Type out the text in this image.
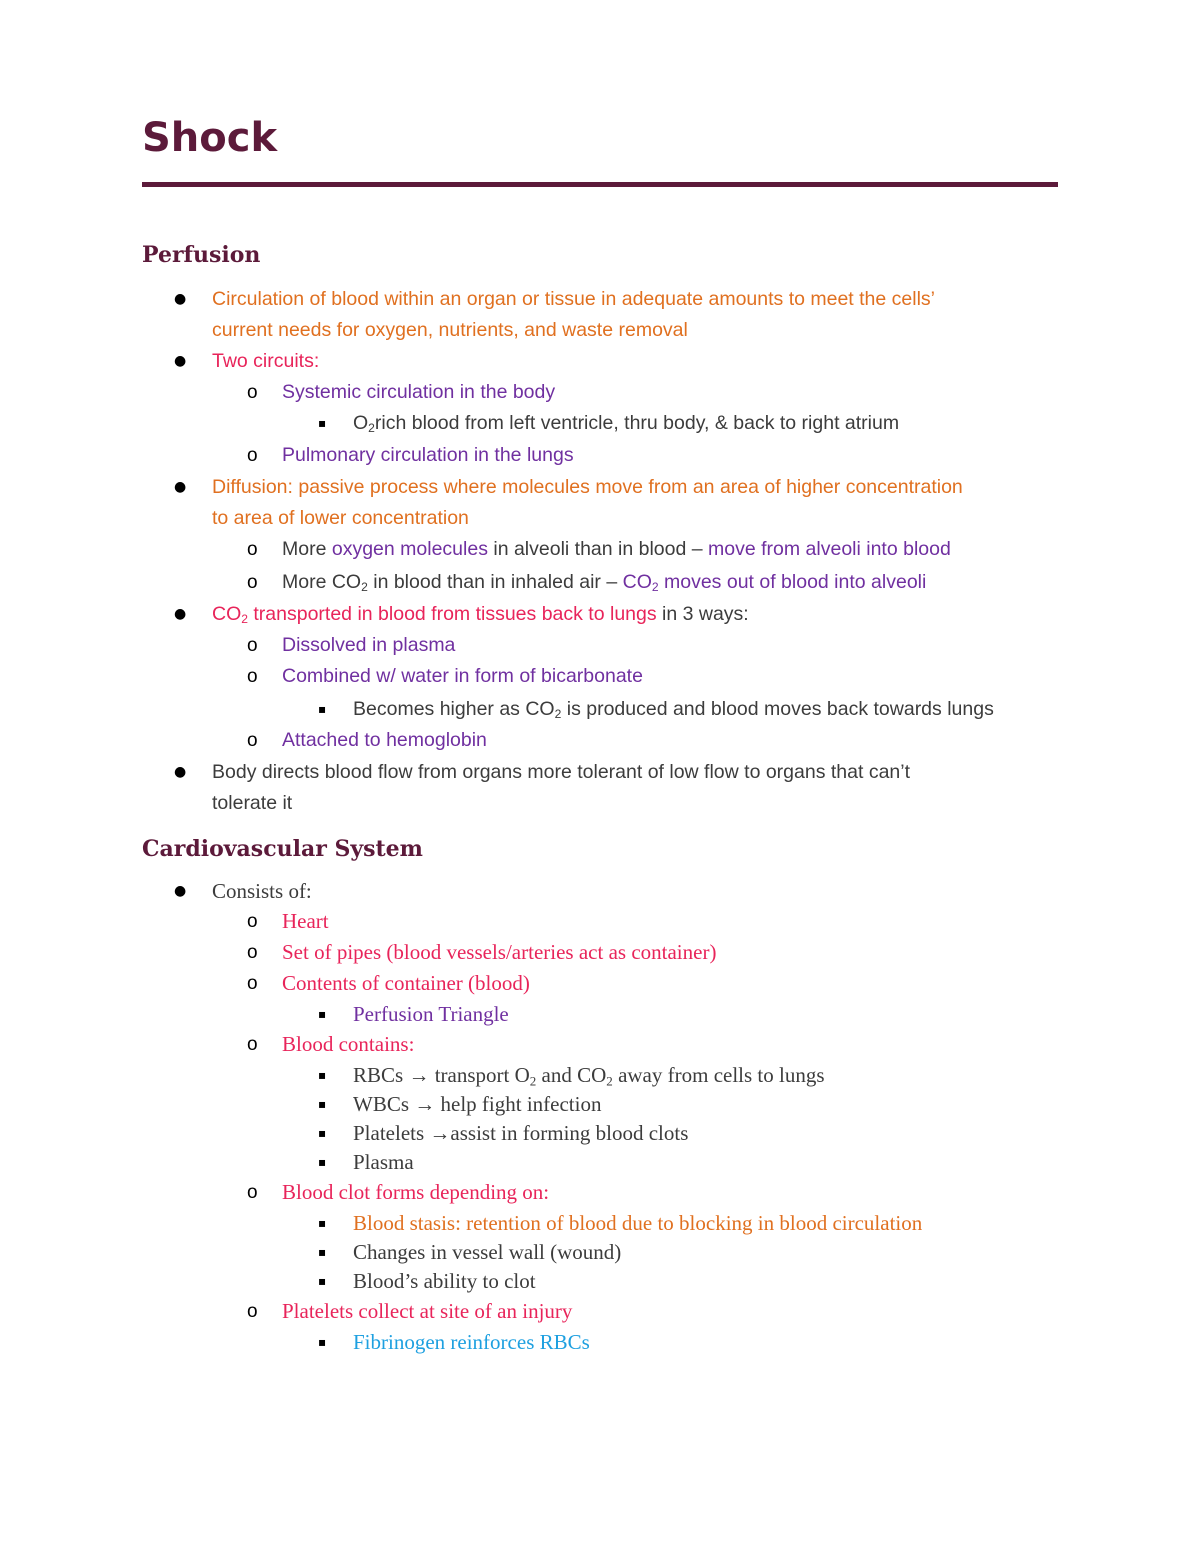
Shock
Perfusion
● Circulation of blood within an organ or tissue in adequate amounts to meet the cells’
current needs for oxygen, nutrients, and waste removal
● Two circuits:
o Systemic circulation in the body
▪ $O_2rich$ blood from left ventricle, thru body, & back to right atrium
o Pulmonary circulation in the lungs
● Diffusion: passive process where molecules move from an area of higher concentration
to area of lower concentration
o More oxygen molecules in alveoli than in blood – move from alveoli into blood
o More $CO_2$ in blood than in inhaled air – $CO_2$ moves out of blood into alveoli
● $CO_2$ transported in blood from tissues back to lungs in 3 ways:
o Dissolved in plasma
o Combined w/ water in form of bicarbonate
▪ Becomes higher as $CO_2$ is produced and blood moves back towards lungs
o Attached to hemoglobin
● Body directs blood flow from organs more tolerant of low flow to organs that can’t
tolerate it
Cardiovascular System
● Consists of:
o Heart
o Set of pipes (blood vessels/arteries act as container)
o Contents of container (blood)
▪ Perfusion Triangle
o Blood contains:
▪ RBCs → transport $O_2$ and $CO_2$ away from cells to lungs
▪ WBCs → help fight infection
▪ Platelets →assist in forming blood clots
▪ Plasma
o Blood clot forms depending on:
▪ Blood stasis: retention of blood due to blocking in blood circulation
▪ Changes in vessel wall (wound)
▪ Blood’s ability to clot
o Platelets collect at site of an injury
▪ Fibrinogen reinforces RBCs
